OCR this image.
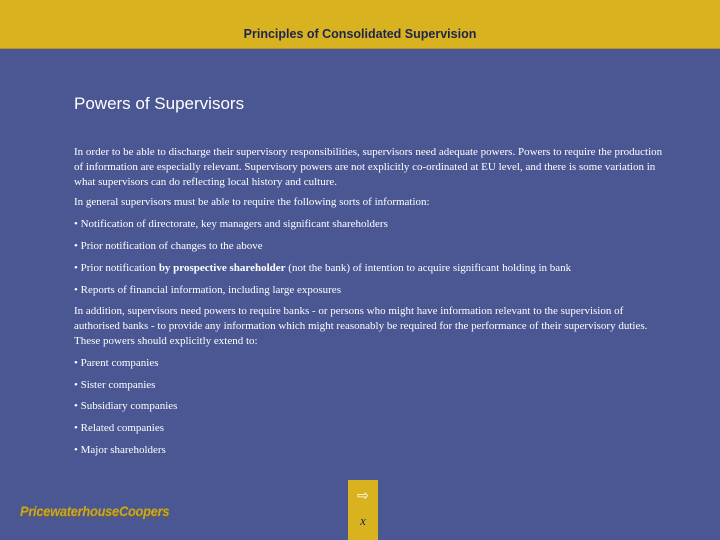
Principles of Consolidated Supervision
Powers of Supervisors

In order to be able to discharge their supervisory responsibilities, supervisors need adequate powers. Powers to require the production of information are especially relevant. Supervisory powers are not explicitly co-ordinated at EU level, and there is some variation in what supervisors can do reflecting local history and culture.

In general supervisors must be able to require the following sorts of information:

• Notification of directorate, key managers and significant shareholders

• Prior notification of changes to the above

• Prior notification by prospective shareholder (not the bank) of intention to acquire significant holding in bank

• Reports of financial information, including large exposures

In addition, supervisors need powers to require banks - or persons who might have information relevant to the supervision of authorised banks - to provide any information which might reasonably be required for the performance of their supervisory duties. These powers should explicitly extend to:

• Parent companies

• Sister companies

• Subsidiary companies

• Related companies

• Major shareholders

PricewaterhouseCoopers
⇨
x
